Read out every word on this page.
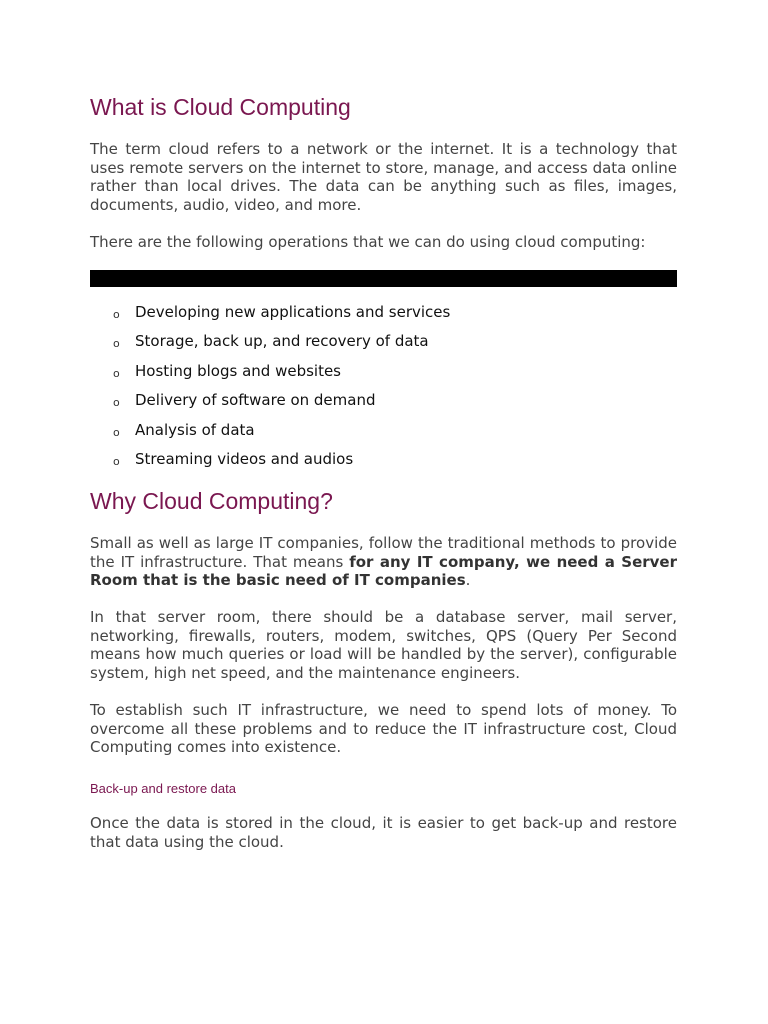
What is Cloud Computing

The term cloud refers to a network or the internet. It is a technology that uses remote servers on the internet to store, manage, and access data online rather than local drives. The data can be anything such as files, images, documents, audio, video, and more.

There are the following operations that we can do using cloud computing:

o Developing new applications and services
o Storage, back up, and recovery of data
o Hosting blogs and websites
o Delivery of software on demand
o Analysis of data
o Streaming videos and audios
Why Cloud Computing?

Small as well as large IT companies, follow the traditional methods to provide the IT infrastructure. That means for any IT company, we need a Server Room that is the basic need of IT companies.

In that server room, there should be a database server, mail server, networking, firewalls, routers, modem, switches, QPS (Query Per Second means how much queries or load will be handled by the server), configurable system, high net speed, and the maintenance engineers.

To establish such IT infrastructure, we need to spend lots of money. To overcome all these problems and to reduce the IT infrastructure cost, Cloud Computing comes into existence.

Back-up and restore data

Once the data is stored in the cloud, it is easier to get back-up and restore that data using the cloud.
